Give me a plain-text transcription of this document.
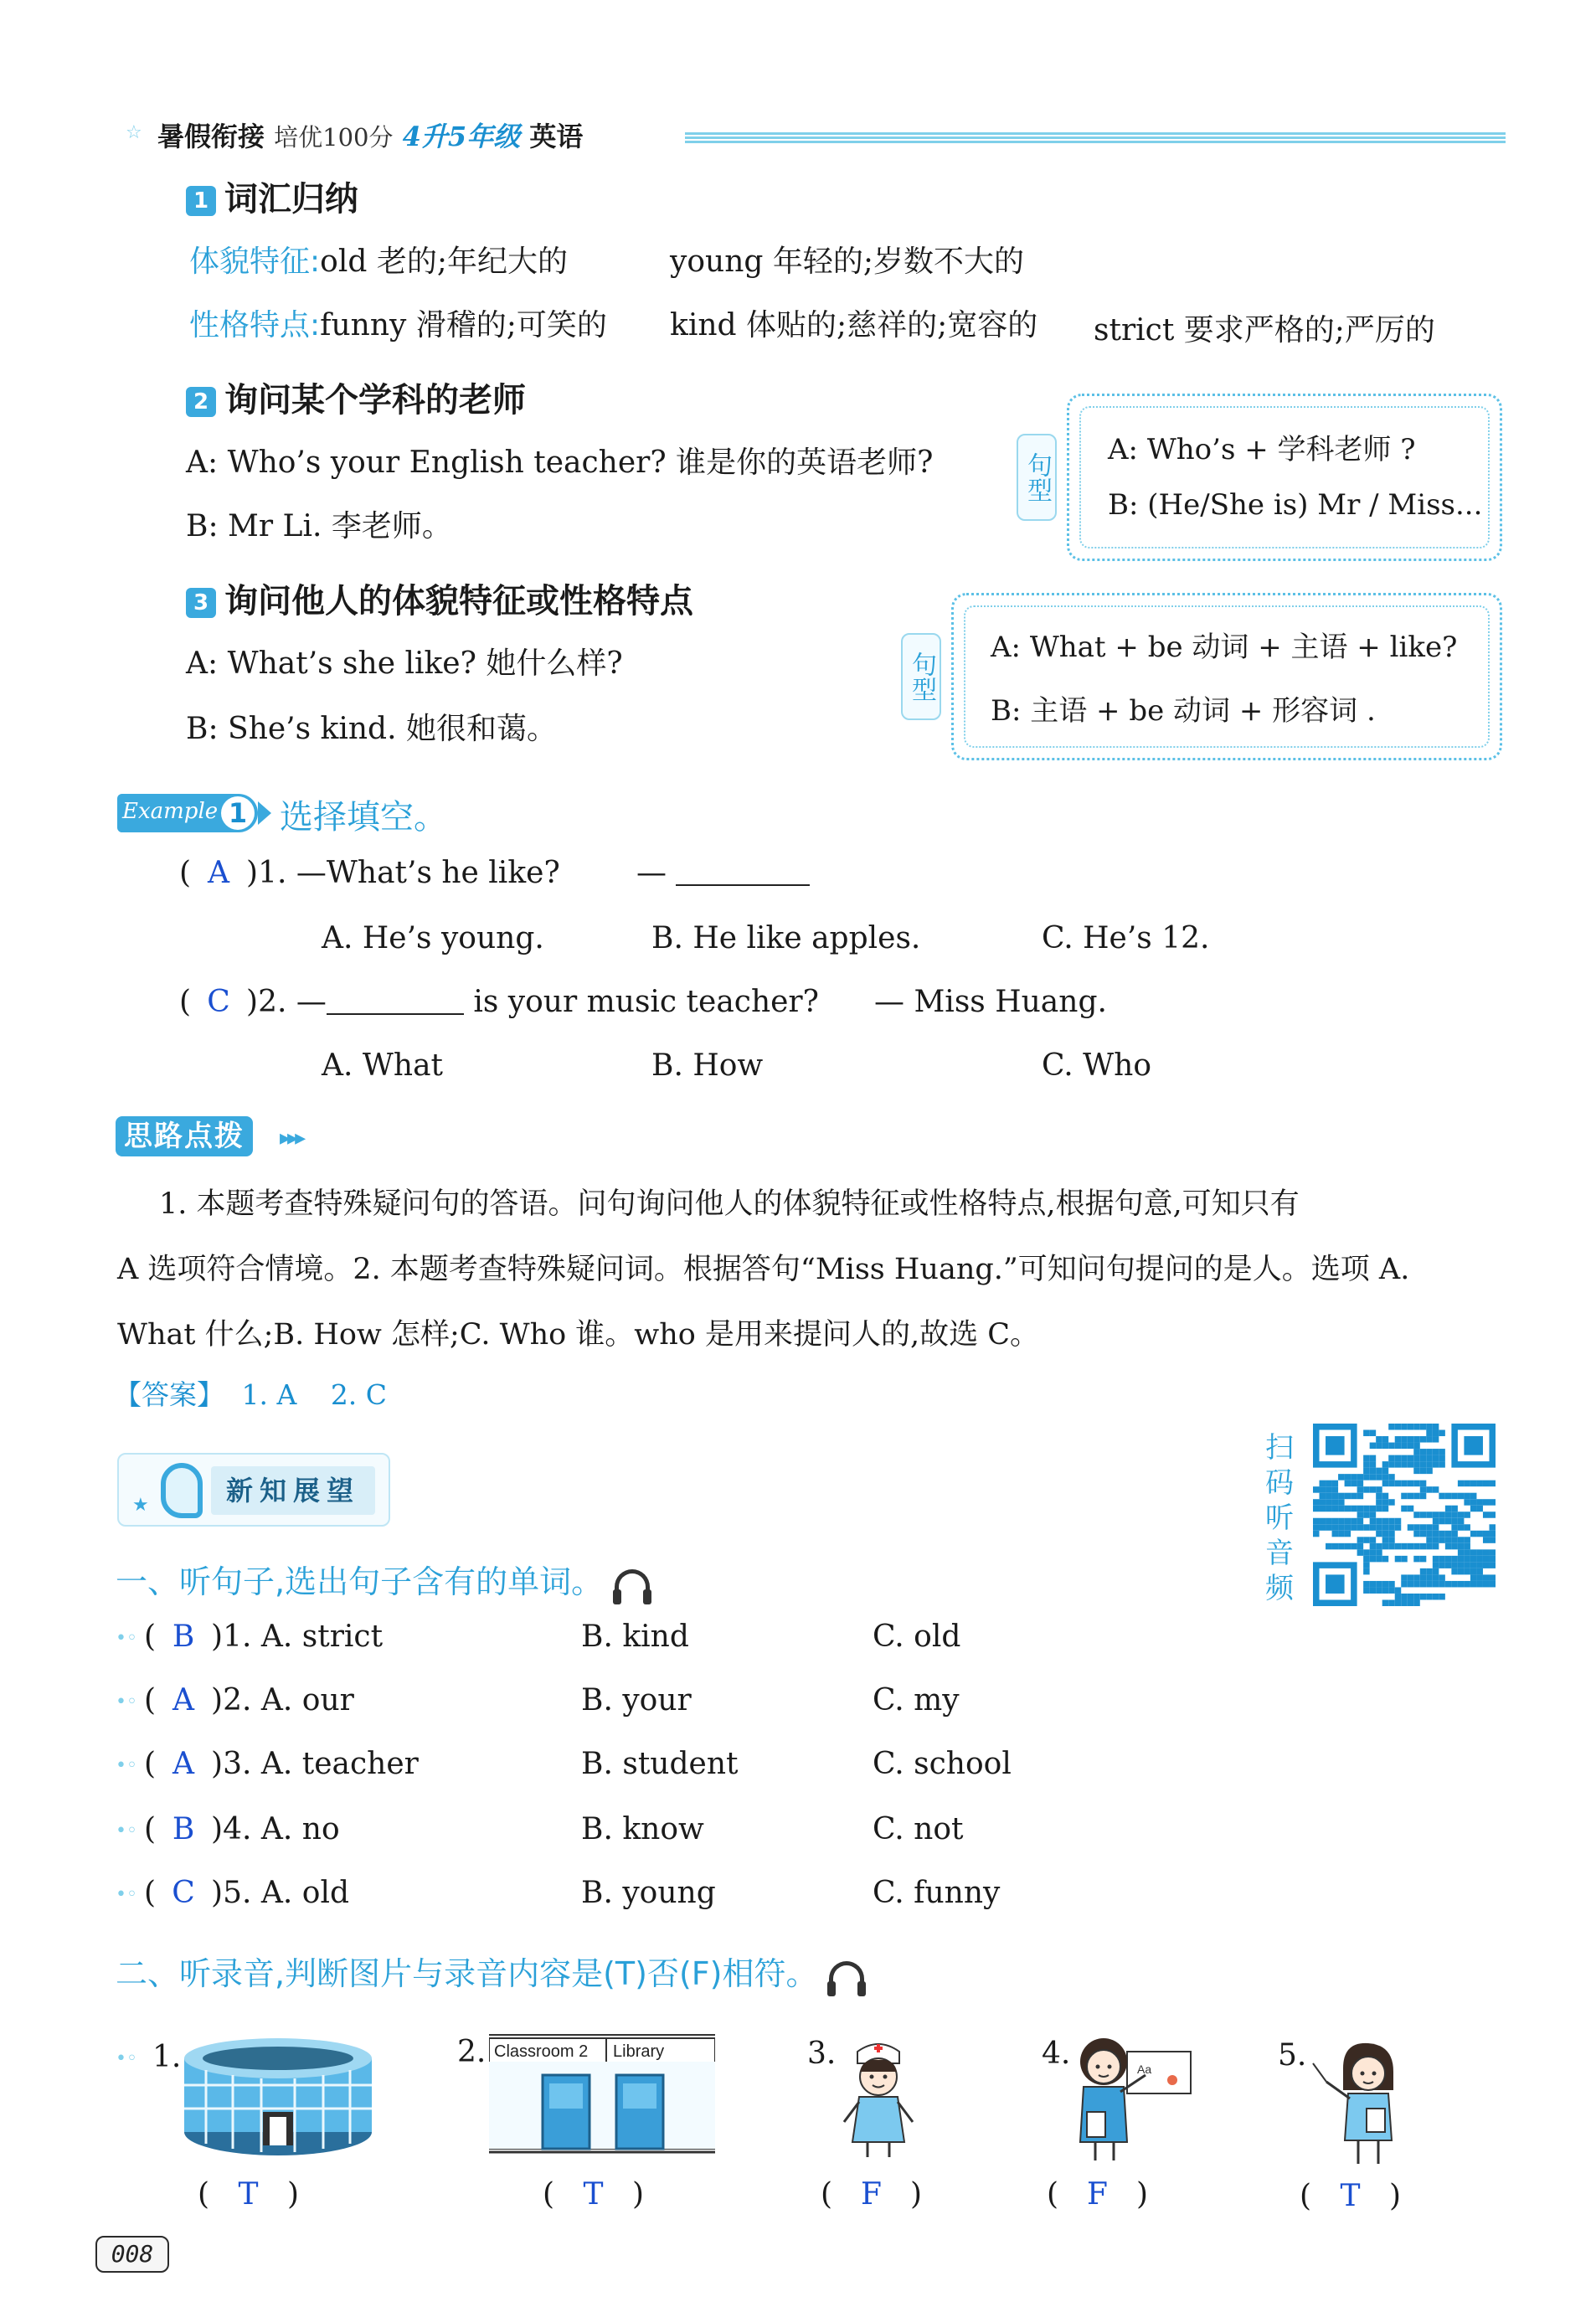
☆ 暑假衔接 培优100分 4升5年级 英语
1 词汇归纳
体貌特征:old 老的;年纪大的	young 年轻的;岁数不大的
性格特点:funny 滑稽的;可笑的 kind 体贴的;慈祥的;宽容的 strict 要求严格的;严厉的
2 询问某个学科的老师
A: Who’s your English teacher? 谁是你的英语老师?
B: Mr Li. 李老师。
句型
A: Who’s + 学科老师 ?
B: (He/She is) Mr / Miss...
3 询问他人的体貌特征或性格特点
A: What’s she like? 她什么样?
B: She’s kind. 她很和蔼。
句型
A: What + be 动词 + 主语 + like?
B: 主语 + be 动词 + 形容词 .
Example 1 选择填空。
( A )1. —What’s he like?	—
A. He’s young.	B. He like apples.	C. He’s 12.
( C )2. —	is your music teacher? — Miss Huang.
A. What	B. How	C. Who
思路点拨	▸▸▸
1. 本题考查特殊疑问句的答语。问句询问他人的体貌特征或性格特点,根据句意,可知只有
A 选项符合情境。2. 本题考查特殊疑问词。根据答句“Miss Huang.”可知问句提问的是人。选项 A.
What 什么;B. How 怎样;C. Who 谁。who 是用来提问人的,故选 C。
【答案】 1. A 2. C
★	新知展望
扫码听音频
一、听句子,选出句子含有的单词。
•◦ ( B )1. A. strict	B. kind	C. old
•◦ ( A )2. A. our	B. your	C. my
•◦ ( A )3. A. teacher	B. student	C. school
•◦ ( B )4. A. no	B. know	C. not
•◦ ( C )5. A. old	B. young	C. funny
二、听录音,判断图片与录音内容是(T)否(F)相符。
•◦ 1.	2.	3.	4.	5.
Classroom 2 Library
Aa
( T )	( T )	( F )	( F )	( T )
008
